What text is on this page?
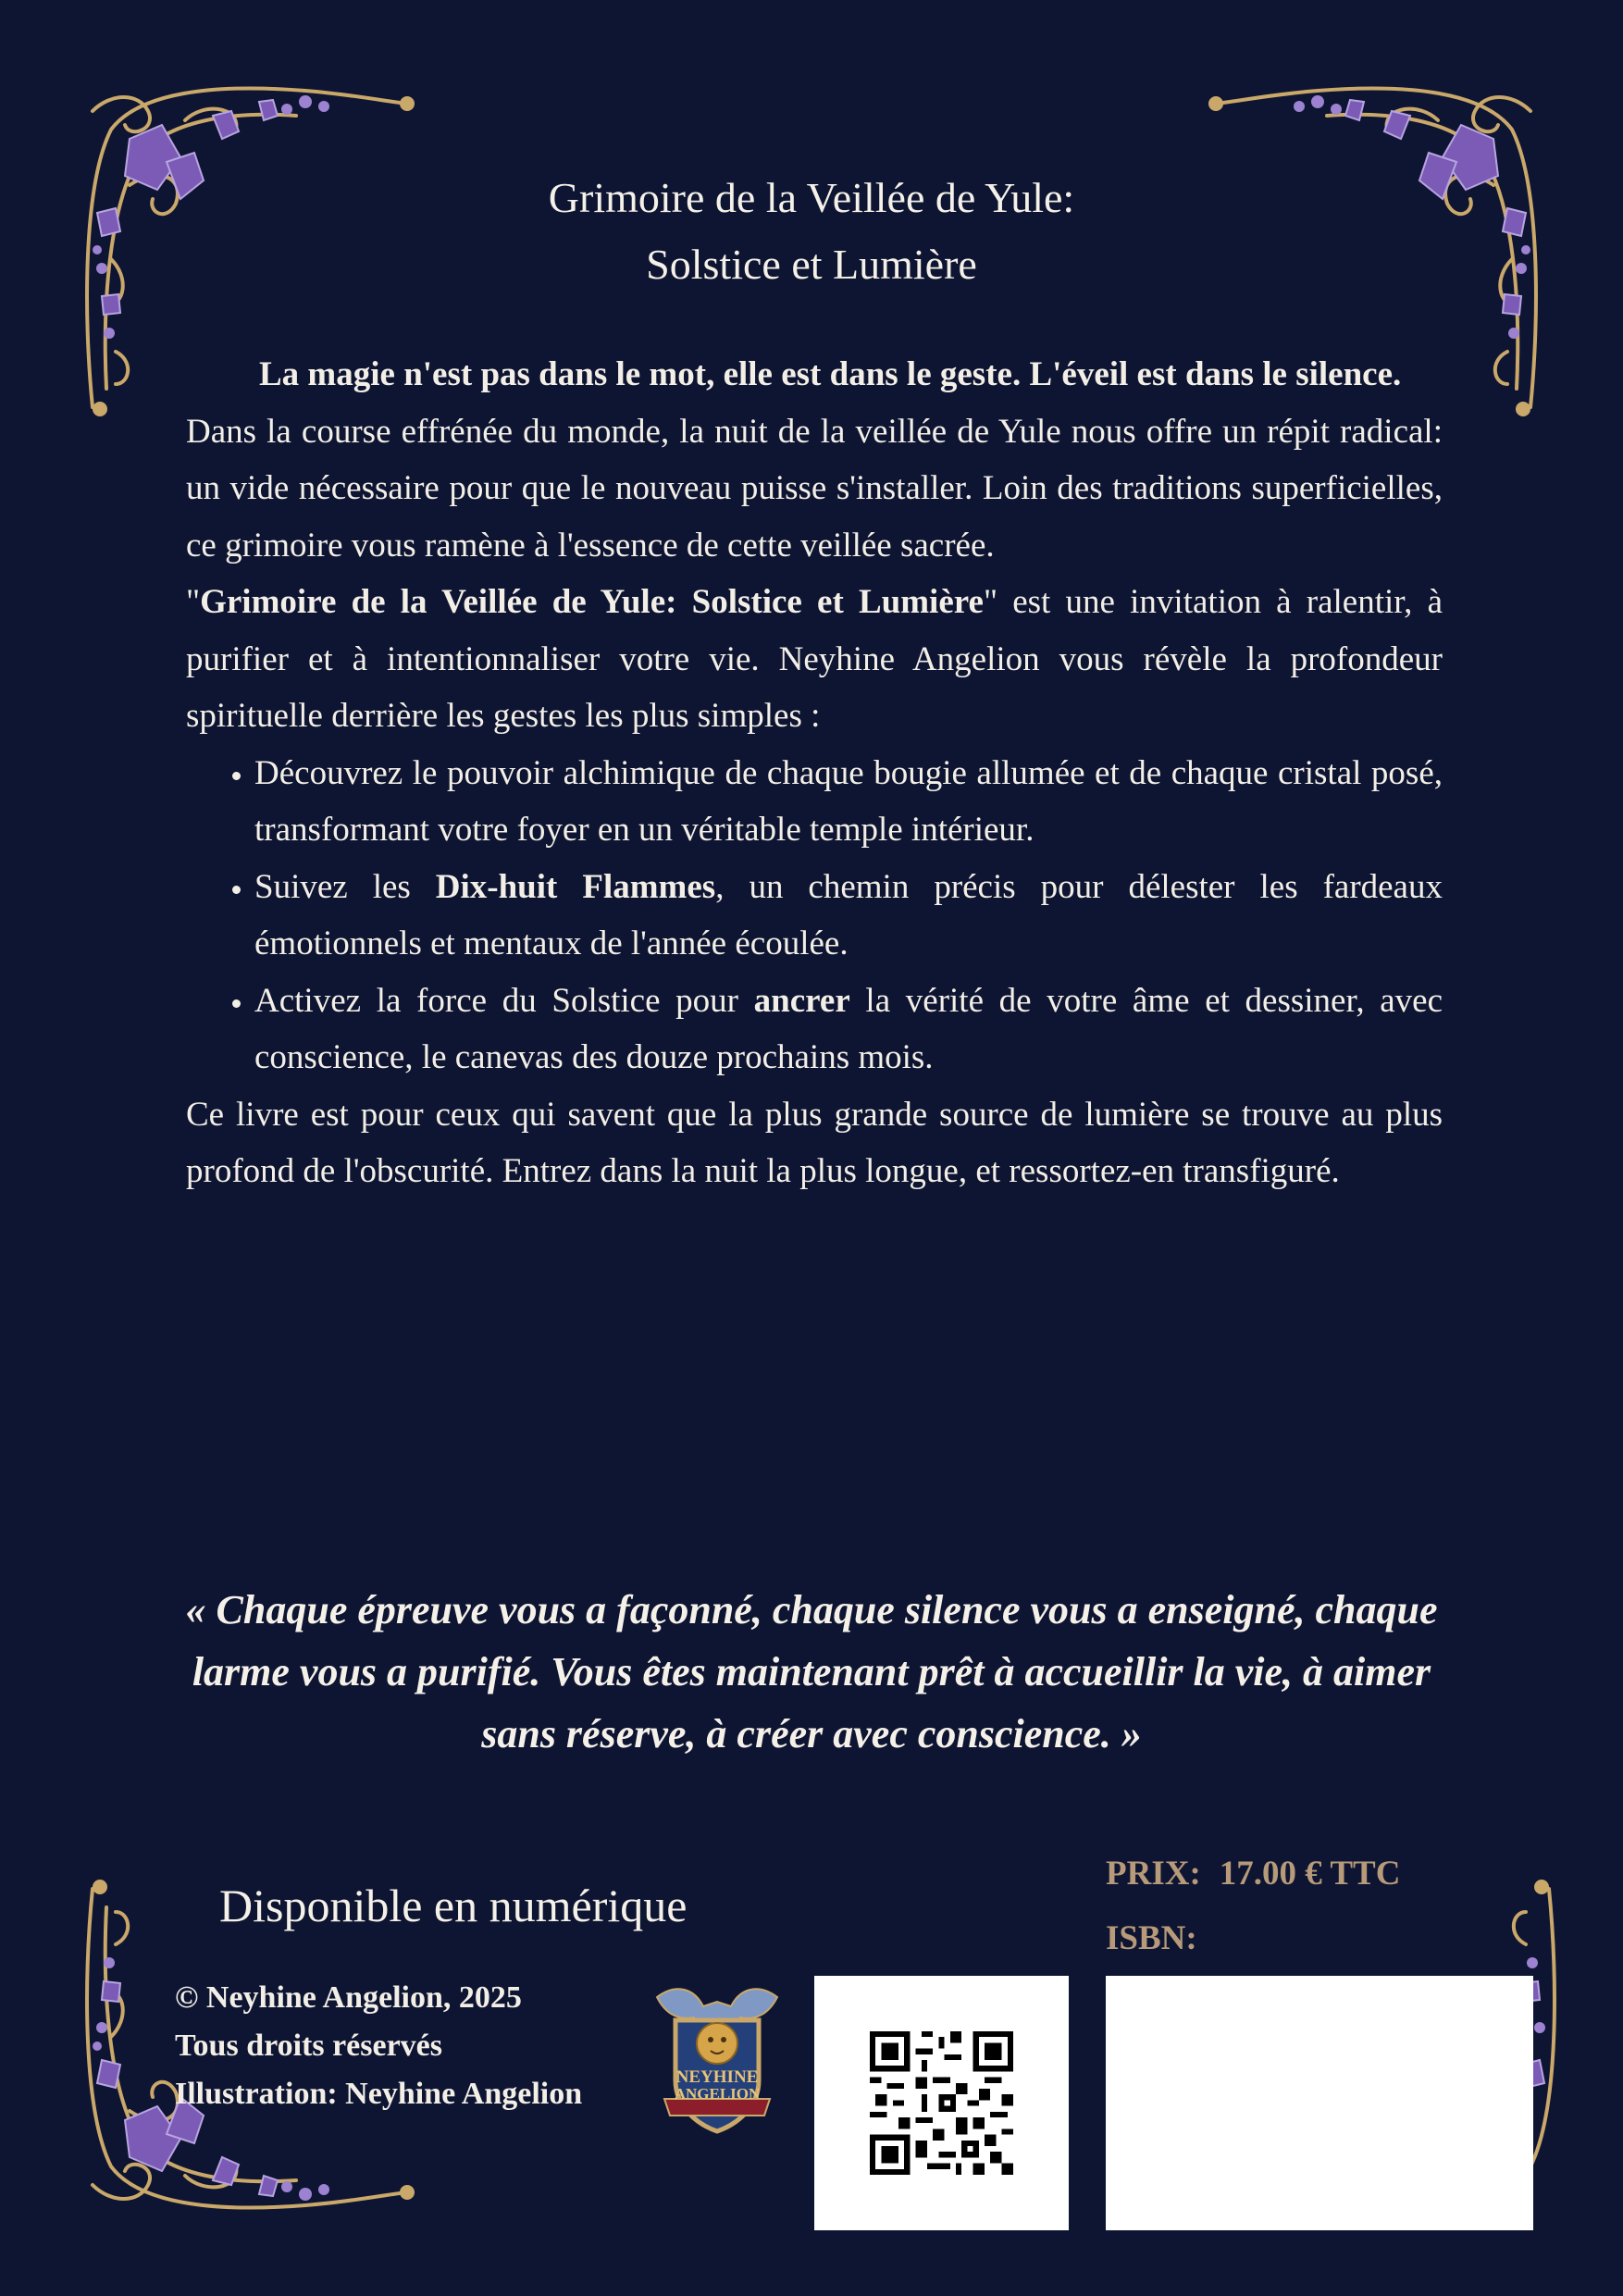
Grimoire de la Veillée de Yule:
Solstice et Lumière

La magie n'est pas dans le mot, elle est dans le geste. L'éveil est dans le silence.

Dans la course effrénée du monde, la nuit de la veillée de Yule nous offre un répit radical: un vide nécessaire pour que le nouveau puisse s'installer. Loin des traditions superficielles, ce grimoire vous ramène à l'essence de cette veillée sacrée.

"Grimoire de la Veillée de Yule: Solstice et Lumière" est une invitation à ralentir, à purifier et à intentionnaliser votre vie. Neyhine Angelion vous révèle la profondeur spirituelle derrière les gestes les plus simples :

• Découvrez le pouvoir alchimique de chaque bougie allumée et de chaque cristal posé, transformant votre foyer en un véritable temple intérieur.
• Suivez les Dix-huit Flammes, un chemin précis pour délester les fardeaux émotionnels et mentaux de l'année écoulée.
• Activez la force du Solstice pour ancrer la vérité de votre âme et dessiner, avec conscience, le canevas des douze prochains mois.

Ce livre est pour ceux qui savent que la plus grande source de lumière se trouve au plus profond de l'obscurité. Entrez dans la nuit la plus longue, et ressortez-en transfiguré.

« Chaque épreuve vous a façonné, chaque silence vous a enseigné, chaque larme vous a purifié. Vous êtes maintenant prêt à accueillir la vie, à aimer sans réserve, à créer avec conscience. »
Disponible en numérique
© Neyhine Angelion, 2025
Tous droits réservés
Illustration: Neyhine Angelion	NEYHINE
ANGELION
PRIX: 17.00 € TTC
ISBN:
